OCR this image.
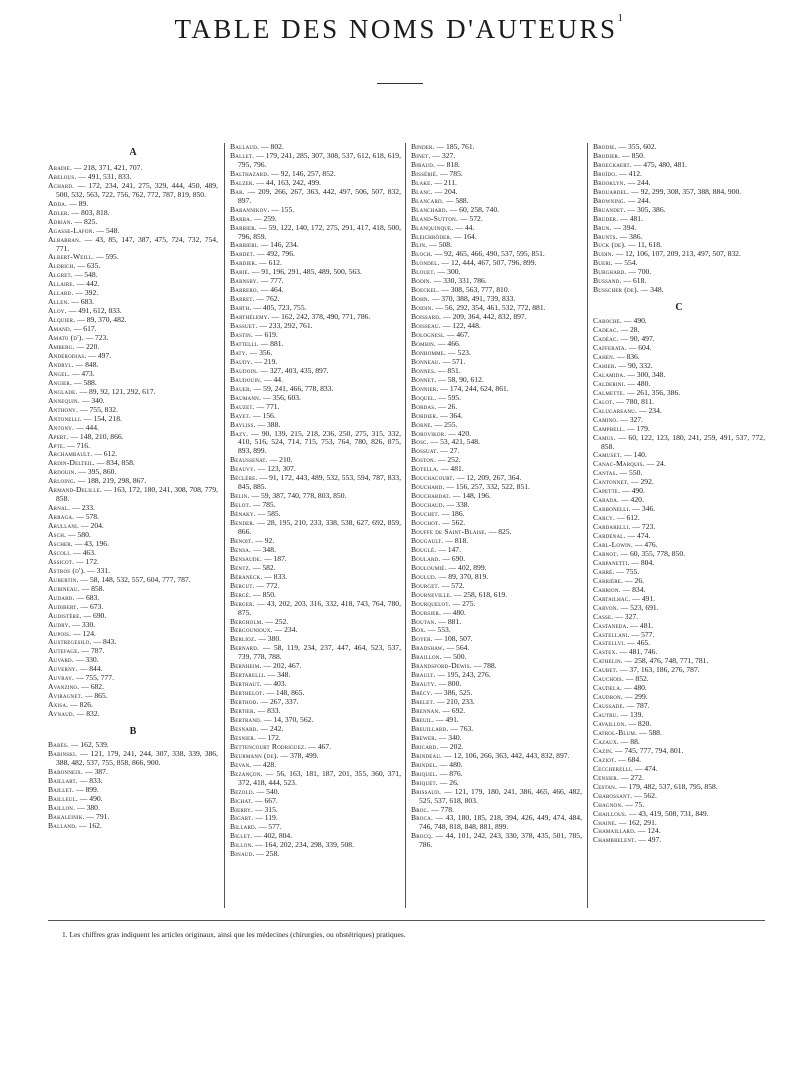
TABLE DES NOMS D'AUTEURS$^1$
A
Abadie. — 218, 371, 421, 707.
Abelous. — 491, 531, 833.
Achard. — 172, 234, 241, 275, 329, 444, 450, 489, 500, 532, 563, 722, 756, 762, 772, 787, 819, 850.
Adda. — 89.
Adler. — 803, 818.
Adrian. — 825.
Agasse-Lafon. — 548.
Albarran. — 43, 85, 147, 387, 475, 724, 732, 754, 771.
Albert-Weill. — 595.
Aldrich. — 635.
Algret. — 548.
Allaire. — 442.
Allard. — 392.
Allen. — 683.
Aloy. — 491, 612, 833.
Alquier. — 89, 370, 482.
Amand. — 617.
Amato (d'). — 723.
Amberg. — 220.
Anderodias. — 497.
Andryl. — 848.
Angel. — 473.
Angier. — 588.
Anglade. — 89, 92, 121, 292, 617.
Annequin. — 340.
Anthony. — 755, 832.
Antonelli. — 154, 218.
Antony. — 444.
Apert. — 148, 210, 866.
Apte. — 716.
Archambault. — 612.
Ardin-Delteil. — 834, 858.
Ardouin. — 395, 860.
Arloing. — 188, 219, 298, 867.
Armand-Delille. — 163, 172, 180, 241, 308, 708, 779, 858.
Arnal. — 233.
Arraga. — 578.
Arullani. — 204.
Asch. — 580.
Ascher. — 43, 196.
Ascoli. — 463.
Assicot. — 172.
Astros (d'). — 331.
Aubertin. — 58, 148, 532, 557, 604, 777, 787.
Aubineau. — 858.
Audard. — 683.
Audibert. — 673.
Audistère. — 690.
Audry. — 330.
Aupois. — 124.
Austregesilo. — 843.
Autefage. — 787.
Auvard. — 330.
Auverny. — 844.
Auvray. — 755, 777.
Avanzino. — 682.
Aviragnet. — 865.
Axisa. — 826.
Aynaud. — 832.
B
Babès. — 162, 539.
Babinski. — 121, 179, 241, 244, 307, 338, 339, 386, 388, 482, 537, 755, 858, 866, 900.
Babonneix. — 387.
Baillart. — 833.
Baillet. — 899.
Bailleul. — 490.
Baillon. — 380.
Bakaleinik. — 791.
Balland. — 162.
Ballaud. — 802.
Ballet. — 179, 241, 285, 307, 308, 537, 612, 618, 619, 795, 796.
Balthazard. — 92, 146, 257, 852.
Balzer. — 44, 163, 242, 499.
Bar. — 209, 266, 267, 363, 442, 497, 506, 507, 832, 897.
Barannikov. — 155.
Barba. — 259.
Barbier. — 59, 122, 140, 172, 275, 291, 417, 418, 500, 796, 859.
Barbieri. — 146, 234.
Bardet. — 492, 796.
Bardier. — 612.
Barié. — 91, 196, 291, 485, 489, 500, 563.
Barnsby. — 777.
Barrero. — 464.
Barret. — 762.
Barth. — 405, 723, 755.
Barthélemy. — 162, 242, 378, 490, 771, 786.
Bassuet. — 233, 292, 761.
Bastin. — 619.
Battelli. — 881.
Baty. — 356.
Baudy. — 219.
Baudoin. — 327, 403, 435, 897.
Baudouin. — 44.
Bauer. — 59, 241, 466, 778, 833.
Baumann. — 356, 603.
Bauzet. — 771.
Bayet. — 156.
Bayliss. — 388.
Bazy. — 90, 139, 215, 218, 236, 250, 275, 315, 332, 410, 516, 524, 714, 715, 753, 764, 780, 826, 875, 893, 899.
Beaussenat. — 210.
Beauvy. — 123, 307.
Béclère. — 91, 172, 443, 489, 532, 553, 594, 787, 833, 845, 885.
Belin. — 59, 387, 740, 778, 803, 850.
Belot. — 785.
Bénaky. — 585.
Bender. — 28, 195, 210, 233, 338, 538, 627, 692, 859, 866.
Benoit. — 92.
Bensa. — 348.
Bensaude. — 187.
Bentz. — 582.
Béraneck. — 833.
Bercut. — 772.
Bergé. — 850.
Berger. — 43, 202, 203, 316, 332, 418, 743, 764, 780, 875.
Bergholm. — 252.
Bergouniouх. — 234.
Berlioz. — 380.
Bernard. — 58, 119, 234, 237, 447, 464, 523, 537, 739, 778, 788.
Bernheim. — 202, 467.
Bertarelli. — 348.
Berthaut. — 403.
Berthelot. — 148, 865.
Berthod. — 267, 337.
Bertier. — 833.
Bertrand. — 14, 370, 562.
Besnard. — 242.
Besnier. — 172.
Bettencourt Rodriguez. — 467.
Beurmann (de). — 378, 499.
Bevan. — 428.
Bezançon. — 56, 163, 181, 187, 201, 355, 360, 371, 372, 418, 444, 523.
Bezold. — 540.
Bichat. — 667.
Bierry. — 315.
Bigart. — 119.
Billard. — 577.
Billet. — 402, 804.
Billon. — 164, 202, 234, 298, 339, 508.
Binaud. — 258.
Binder. — 185, 761.
Binet. — 327.
Biraud. — 818.
Bissérié. — 785.
Blake. — 211.
Blanc. — 204.
Blancard. — 588.
Blanchard. — 60, 258, 740.
Bland-Sutton. — 572.
Blanquinque. — 44.
Bleichröder. — 164.
Blin. — 508.
Bloch. — 92, 465, 466, 490, 537, 595, 851.
Blondel. — 12, 444, 467, 507, 796, 899.
Blouet. — 300.
Bodin. — 330, 331, 786.
Boeckel. — 308, 563, 777, 810.
Bohn. — 370, 388, 491, 739, 833.
Boidin. — 56, 292, 354, 461, 532, 772, 881.
Boissard. — 209, 364, 442, 832, 897.
Boisseau. — 122, 448.
Bolognesi. — 467.
Bombin. — 466.
Bonhomme. — 523.
Bonneau. — 571.
Bonnes. — 851.
Bonnet. — 58, 90, 612.
Bonnier. — 174, 244, 624, 861.
Boquel. — 595.
Bordas. — 26.
Bordier. — 364.
Borne. — 255.
Borovikor. — 420.
Bosc. — 53, 421, 548.
Bossuat. — 27.
Boston. — 252.
Botella. — 481.
Bouchacourt. — 12, 209, 267, 364.
Bouchard. — 156, 257, 332, 522, 851.
Bouchardat. — 148, 196.
Bouchaud. — 338.
Bouchet. — 186.
Bouchot. — 562.
Bouffe de Saint-Blaise. — 825.
Bougault. — 818.
Bouglé. — 147.
Boulard. — 690.
Bouloumié. — 402, 899.
Boulud. — 89, 370, 819.
Bourget. — 572.
Bourneville. — 258, 618, 619.
Bourquelot. — 275.
Boursier. — 480.
Boutan. — 881.
Box. — 553.
Boyer. — 108, 507.
Bradshaw. — 564.
Braillon. — 500.
Brandsford-Dewis. — 788.
Brault. — 195, 243, 276.
Brauty. — 800.
Brécy. — 386, 525.
Brelet. — 210, 233.
Brennan. — 692.
Breuil. — 491.
Breuillard. — 763.
Brewer. — 340.
Bricard. — 202.
Brindeau. — 12, 106, 266, 363, 442, 443, 832, 897.
Brindel. — 480.
Briquel. — 876.
Briquet. — 26.
Brissaud. — 121, 179, 180, 241, 386, 465, 466, 482, 525, 537, 618, 803.
Broc. — 778.
Broca. — 43, 180, 185, 218, 394, 426, 449, 474, 484, 746, 748, 818, 848, 881, 899.
Brocq. — 44, 101, 242, 243, 330, 378, 435, 501, 785, 786.
Brodie. — 355, 602.
Brodier. — 850.
Broeckaert. — 475, 480, 481.
Broïdo. — 412.
Brooklyn. — 244.
Brouardel. — 92, 299, 308, 357, 388, 884, 900.
Browning. — 244.
Bruandet. — 305, 386.
Bruder. — 481.
Brun. — 394.
Brunts. — 386.
Buck (de). — 11, 618.
Budin. — 12, 106, 107, 209, 213, 497, 507, 832.
Bueri. — 554.
Burghard. — 700.
Bussand. — 618.
Busscher (de). — 348.
C
Caboche. — 490.
Cadeac. — 28.
Cadéac. — 90, 497.
Cafferata. — 604.
Cahen. — 836.
Cahier. — 90, 332.
Calamida. — 300, 348.
Calderini. — 480.
Calmette. — 261, 356, 386.
Calot. — 780, 811.
Calugareanu. — 234.
Camino. — 327.
Campbell. — 179.
Camus. — 60, 122, 123, 180, 241, 259, 491, 537, 772, 858.
Camuset. — 140.
Canac-Marquis. — 24.
Cantas. — 550.
Cantonnet. — 292.
Capette. — 490.
Carada. — 420.
Carbonelli. — 346.
Carcy. — 612.
Cardarelli. — 723.
Cardenal. — 474.
Carl-Lowin. — 476.
Carnot. — 60, 355, 778, 850.
Carpanetti. — 804.
Carré. — 755.
Carrière. — 26.
Carrion. — 834.
Cartailhac. — 491.
Carvon. — 523, 691.
Casse. — 327.
Castaneda. — 481.
Castellani. — 577.
Castellvi. — 465.
Castex. — 481, 746.
Cathelin. — 258, 476, 748, 771, 781.
Caubet. — 37, 163, 186, 276, 787.
Cauchois. — 852.
Caudela. — 480.
Caudron. — 299.
Caussade. — 787.
Cautru. — 139.
Cavaillon. — 820.
Catrol-Blum. — 588.
Cazaux. — 88.
Cazin. — 745, 777, 794, 801.
Caziot. — 684.
Ceccherelli. — 474.
Censier. — 272.
Cestan. — 179, 482, 537, 618, 795, 858.
Chabossant. — 562.
Chagnon. — 75.
Chaillous. — 43, 419, 508, 731, 849.
Chaine. — 162, 291.
Chamaillard. — 124.
Chambrelent. — 497.
1. Les chiffres gras indiquent les articles originaux, ainsi que les médecines (chirurgies, ou obstétriques) pratiques.
